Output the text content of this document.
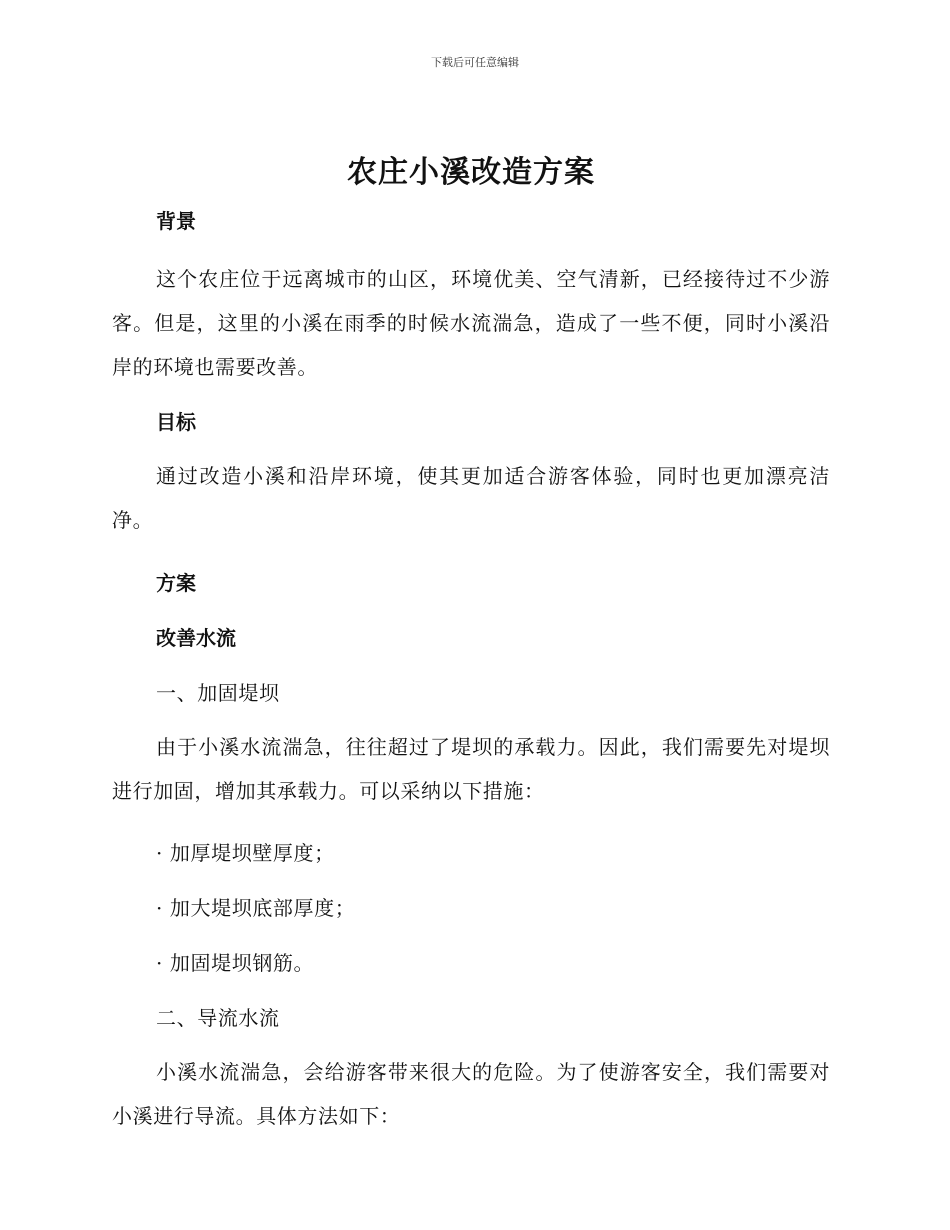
下载后可任意编辑
农庄小溪改造方案

背景

这个农庄位于远离城市的山区，环境优美、空气清新，已经接待过不少游客。但是，这里的小溪在雨季的时候水流湍急，造成了一些不便，同时小溪沿岸的环境也需要改善。

目标

通过改造小溪和沿岸环境，使其更加适合游客体验，同时也更加漂亮洁净。

方案

改善水流

一、加固堤坝

由于小溪水流湍急，往往超过了堤坝的承载力。因此，我们需要先对堤坝进行加固，增加其承载力。可以采纳以下措施：

· 加厚堤坝壁厚度；

· 加大堤坝底部厚度；

· 加固堤坝钢筋。

二、导流水流

小溪水流湍急，会给游客带来很大的危险。为了使游客安全，我们需要对小溪进行导流。具体方法如下：
